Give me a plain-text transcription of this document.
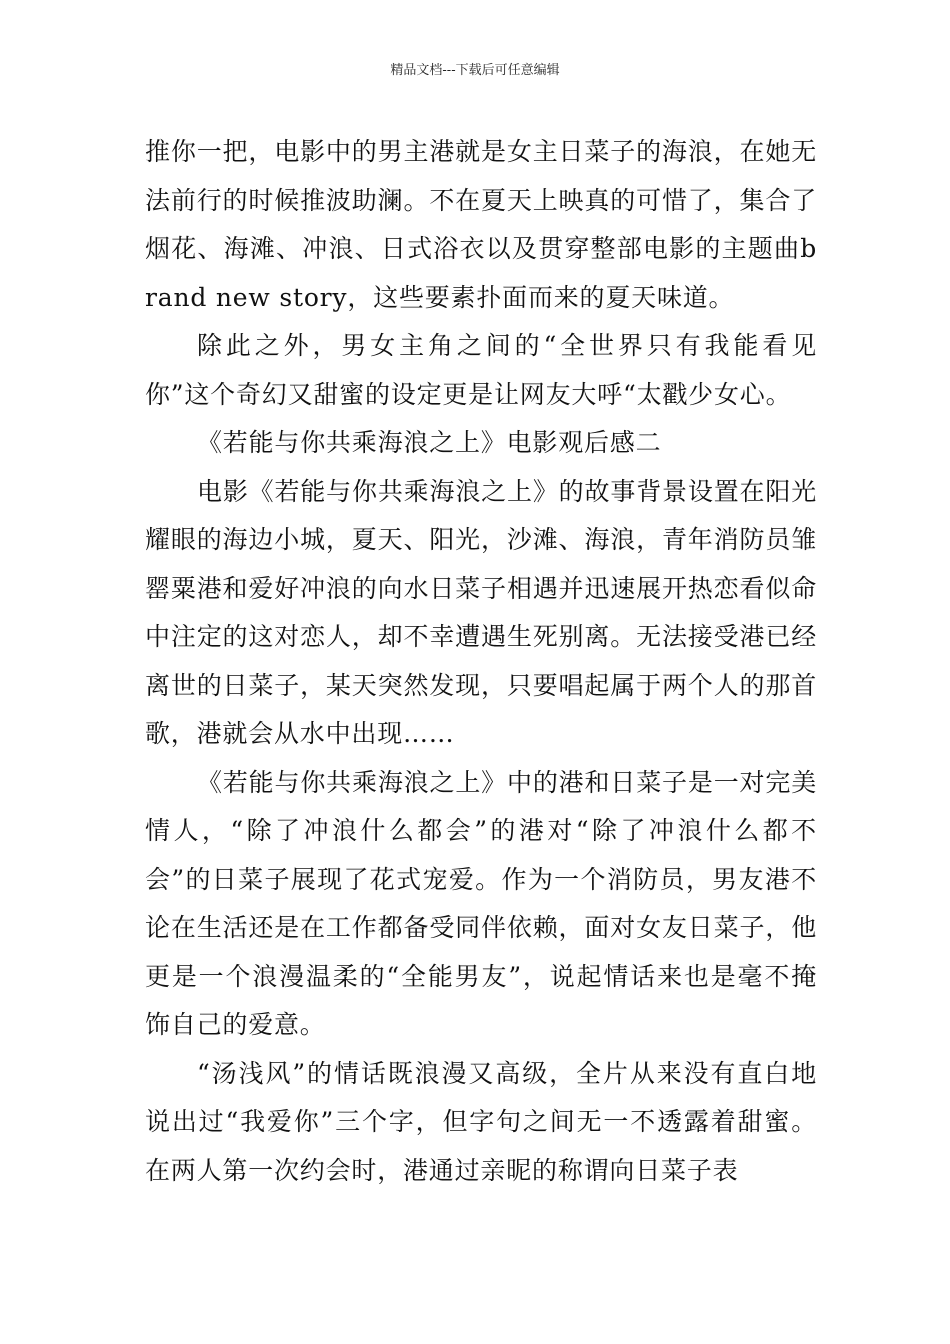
精品文档---下载后可任意编辑

推你一把，电影中的男主港就是女主日菜子的海浪，在她无法前行的时候推波助澜。不在夏天上映真的可惜了，集合了烟花、海滩、冲浪、日式浴衣以及贯穿整部电影的主题曲brand new story，这些要素扑面而来的夏天味道。

除此之外，男女主角之间的“全世界只有我能看见你”这个奇幻又甜蜜的设定更是让网友大呼“太戳少女心。

《若能与你共乘海浪之上》电影观后感二

电影《若能与你共乘海浪之上》的故事背景设置在阳光耀眼的海边小城，夏天、阳光，沙滩、海浪，青年消防员雏罂粟港和爱好冲浪的向水日菜子相遇并迅速展开热恋看似命中注定的这对恋人，却不幸遭遇生死别离。无法接受港已经离世的日菜子，某天突然发现，只要唱起属于两个人的那首歌，港就会从水中出现……

《若能与你共乘海浪之上》中的港和日菜子是一对完美情人，“除了冲浪什么都会”的港对“除了冲浪什么都不会”的日菜子展现了花式宠爱。作为一个消防员，男友港不论在生活还是在工作都备受同伴依赖，面对女友日菜子，他更是一个浪漫温柔的“全能男友”，说起情话来也是毫不掩饰自己的爱意。

“汤浅风”的情话既浪漫又高级，全片从来没有直白地说出过“我爱你”三个字，但字句之间无一不透露着甜蜜。在两人第一次约会时，港通过亲昵的称谓向日菜子表
